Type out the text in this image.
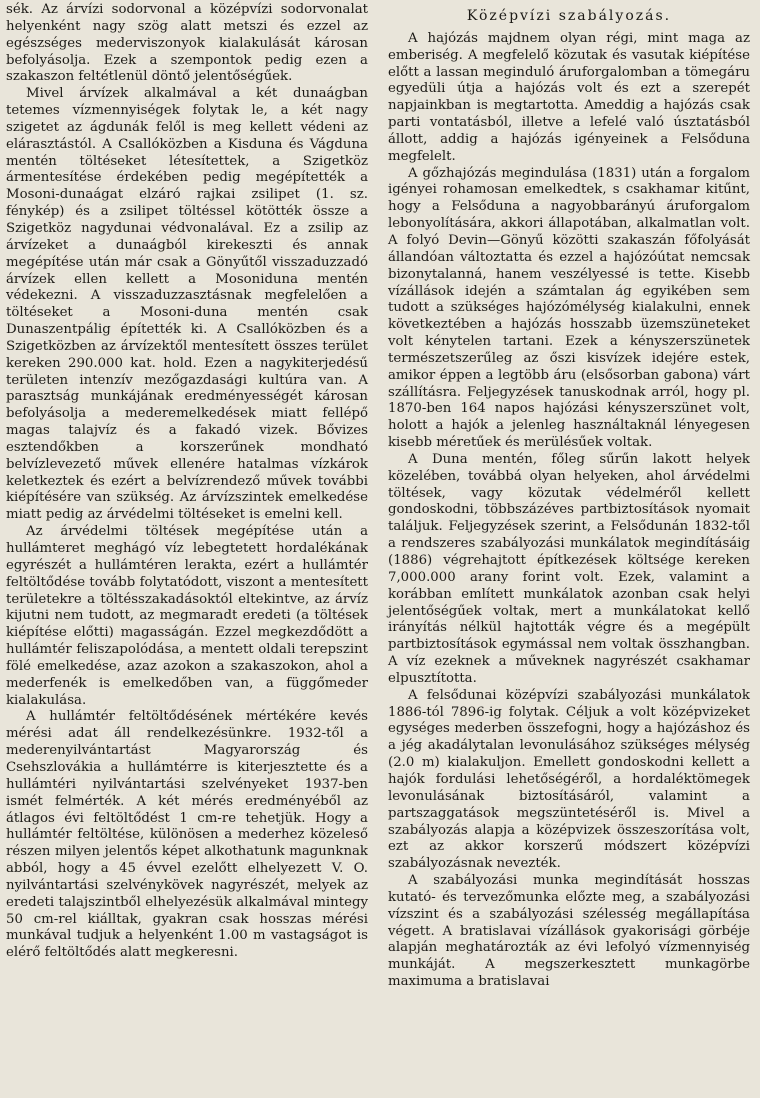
sék. Az árvízi sodorvonal a középvízi sodorvonalat helyenként nagy szög alatt metszi és ezzel az egészséges mederviszonyok kialakulását károsan befolyásolja. Ezek a szempontok pedig ezen a szakaszon feltétlenül döntő jelentőségűek.

Mivel árvízek alkalmával a két dunaágban tetemes vízmennyiségek folytak le, a két nagy szigetet az ágdunák felől is meg kellett védeni az elárasztástól. A Csallóközben a Kisduna és Vágduna mentén töltéseket létesítettek, a Szigetköz ármentesítése érdekében pedig megépítették a Mosoni-dunaágat elzáró rajkai zsilipet (1. sz. fénykép) és a zsilipet töltéssel kötötték össze a Szigetköz nagydunai védvonalával. Ez a zsilip az árvízeket a dunaágból kirekeszti és annak megépítése után már csak a Gönyűtől visszaduzzadó árvízek ellen kellett a Mosoniduna mentén védekezni. A visszaduzzasztásnak megfelelően a töltéseket a Mosoni-duna mentén csak Dunaszentpálig építették ki. A Csallóközben és a Szigetközben az árvízektől mentesített összes terület kereken 290.000 kat. hold. Ezen a nagykiterjedésű területen intenzív mezőgazdasági kultúra van. A parasztság munkájának eredményességét károsan befolyásolja a mederemelkedések miatt fellépő magas talajvíz és a fakadó vizek. Bővizes esztendőkben a korszerűnek mondható belvízlevezető művek ellenére hatalmas vízkárok keletkeztek és ezért a belvízrendező művek további kiépítésére van szükség. Az árvízszintek emelkedése miatt pedig az árvédelmi töltéseket is emelni kell.

Az árvédelmi töltések megépítése után a hullámteret meghágó víz lebegtetett hordalékának egyrészét a hullámtéren lerakta, ezért a hullámtér feltöltődése tovább folytatódott, viszont a mentesített területekre a töltésszakadásoktól eltekintve, az árvíz kijutni nem tudott, az megmaradt eredeti (a töltések kiépítése előtti) magasságán. Ezzel megkezdődött a hullámtér feliszapolódása, a mentett oldali terepszint fölé emelkedése, azaz azokon a szakaszokon, ahol a mederfenék is emelkedőben van, a függőmeder kialakulása.

A hullámtér feltöltődésének mértékére kevés mérési adat áll rendelkezésünkre. 1932-től a mederenyilvántartást Magyarország és Csehszlovákia a hullámtérre is kiterjesztette és a hullámtéri nyilvántartási szelvényeket 1937-ben ismét felmérték. A két mérés eredményéből az átlagos évi feltöltődést 1 cm-re tehetjük. Hogy a hullámtér feltöltése, különösen a mederhez közeleső részen milyen jelentős képet alkothatunk magunknak abból, hogy a 45 évvel ezelőtt elhelyezett V. O. nyilvántartási szelvénykövek nagyrészét, melyek az eredeti talajszintből elhelyezésük alkalmával mintegy 50 cm-rel kiálltak, gyakran csak hosszas mérési munkával tudjuk a helyenként 1.00 m vastagságot is elérő feltöltődés alatt megkeresni.

Középvízi szabályozás.

A hajózás majdnem olyan régi, mint maga az emberiség. A megfelelő közutak és vasutak kiépítése előtt a lassan meginduló áruforgalomban a tömegáru egyedüli útja a hajózás volt és ezt a szerepét napjainkban is megtartotta. Ameddig a hajózás csak parti vontatásból, illetve a lefelé való úsztatásból állott, addig a hajózás igényeinek a Felsőduna megfelelt.

A gőzhajózás megindulása (1831) után a forgalom igényei rohamosan emelkedtek, s csakhamar kitűnt, hogy a Felsőduna a nagyobbarányú áruforgalom lebonyolítására, akkori állapotában, alkalmatlan volt. A folyó Devin—Gönyű közötti szakaszán főfolyását állandóan változtatta és ezzel a hajózóútat nemcsak bizonytalanná, hanem veszélyessé is tette. Kisebb vízállások idején a számtalan ág egyikében sem tudott a szükséges hajózómélység kialakulni, ennek következtében a hajózás hosszabb üzemszüneteket volt kénytelen tartani. Ezek a kényszerszünetek természetszerűleg az őszi kisvízek idejére estek, amikor éppen a legtöbb áru (elsősorban gabona) várt szállításra. Feljegyzések tanuskodnak arról, hogy pl. 1870-ben 164 napos hajózási kényszerszünet volt, holott a hajók a jelenleg használtaknál lényegesen kisebb méretűek és merülésűek voltak.

A Duna mentén, főleg sűrűn lakott helyek közelében, továbbá olyan helyeken, ahol árvédelmi töltések, vagy közutak védelméről kellett gondoskodni, többszázéves partbiztosítások nyomait találjuk. Feljegyzések szerint, a Felsődunán 1832-től a rendszeres szabályozási munkálatok megindításáig (1886) végrehajtott építkezések költsége kereken 7,000.000 arany forint volt. Ezek, valamint a korábban említett munkálatok azonban csak helyi jelentőségűek voltak, mert a munkálatokat kellő irányítás nélkül hajtották végre és a megépült partbiztosítások egymással nem voltak összhangban. A víz ezeknek a műveknek nagyrészét csakhamar elpusztította.

A felsődunai középvízi szabályozási munkálatok 1886-tól 7896-ig folytak. Céljuk a volt középvizeket egységes mederben összefogni, hogy a hajózáshoz és a jég akadálytalan levonulásához szükséges mélység (2.0 m) kialakuljon. Emellett gondoskodni kellett a hajók fordulási lehetőségéről, a hordaléktömegek levonulásának biztosításáról, valamint a partszaggatások megszüntetéséről is. Mivel a szabályozás alapja a középvizek összeszorítása volt, ezt az akkor korszerű módszert középvízi szabályozásnak nevezték.

A szabályozási munka megindítását hosszas kutató- és tervezőmunka előzte meg, a szabályozási vízszint és a szabályozási szélesség megállapítása végett. A bratislavai vízállások gyakorisági görbéje alapján meghatározták az évi lefolyó vízmennyiség munkáját. A megszerkesztett munkagörbe maximuma a bratislavai
